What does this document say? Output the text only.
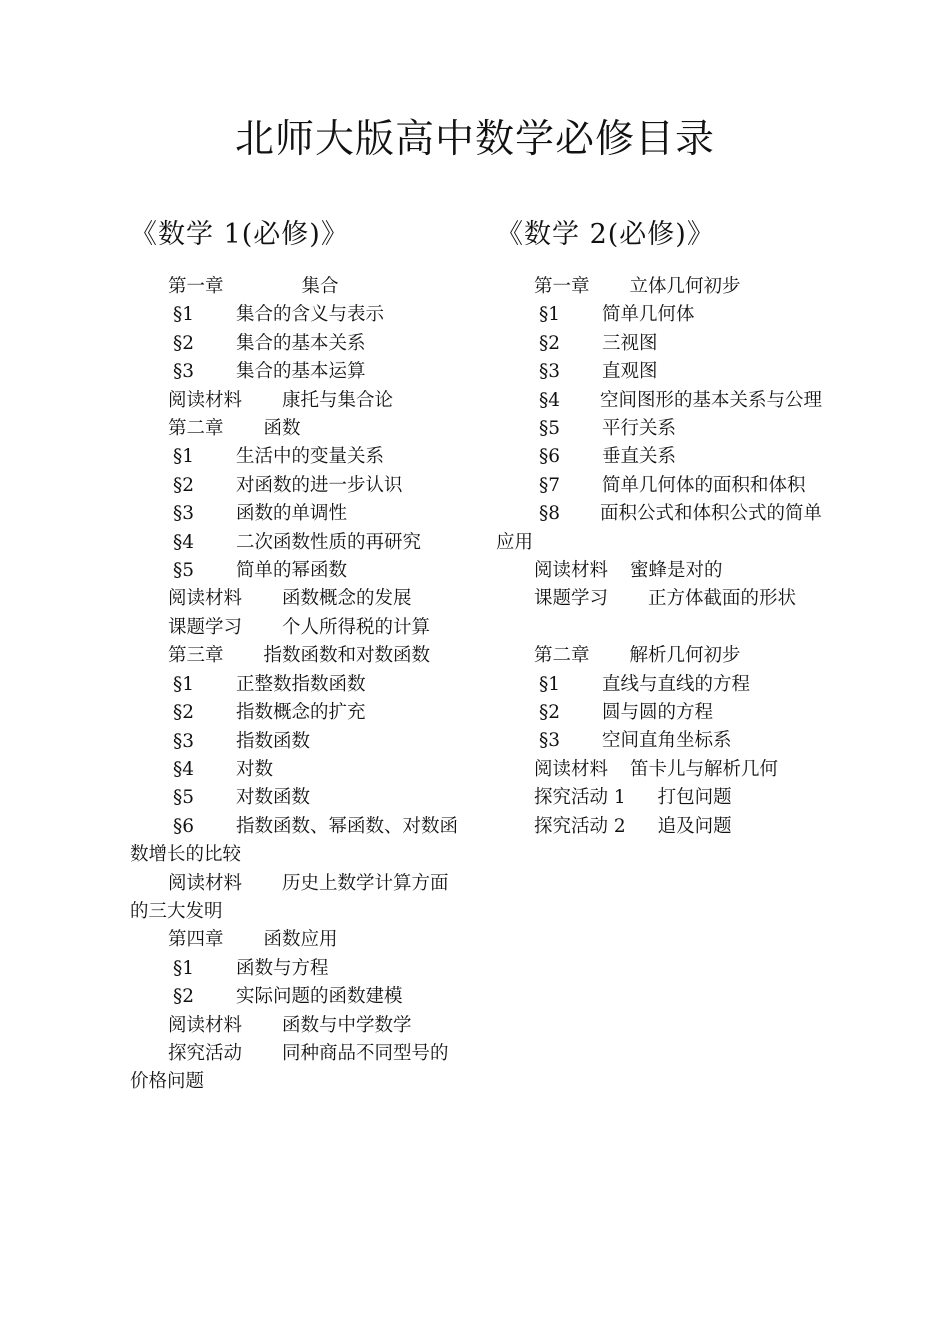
北师大版高中数学必修目录
《数学 1(必修)》
第一章	集合
§1 集合的含义与表示
§2 集合的基本关系
§3 集合的基本运算
阅读材料 康托与集合论
第二章 函数
§1 生活中的变量关系
§2 对函数的进一步认识
§3 函数的单调性
§4 二次函数性质的再研究
§5 简单的幂函数
阅读材料 函数概念的发展
课题学习 个人所得税的计算
第三章 指数函数和对数函数
§1 正整数指数函数
§2 指数概念的扩充
§3 指数函数
§4 对数
§5 对数函数
§6 指数函数、幂函数、对数函数增长的比较
阅读材料 历史上数学计算方面的三大发明
第四章 函数应用
§1 函数与方程
§2 实际问题的函数建模
阅读材料 函数与中学数学
探究活动 同种商品不同型号的价格问题
《数学 2(必修)》
第一章 立体几何初步
§1 简单几何体
§2 三视图
§3 直观图
§4 空间图形的基本关系与公理
§5 平行关系
§6 垂直关系
§7 简单几何体的面积和体积
§8 面积公式和体积公式的简单应用
阅读材料 蜜蜂是对的
课题学习 正方体截面的形状
第二章 解析几何初步
§1 直线与直线的方程
§2 圆与圆的方程
§3 空间直角坐标系
阅读材料 笛卡儿与解析几何
探究活动 1 打包问题
探究活动 2 追及问题
